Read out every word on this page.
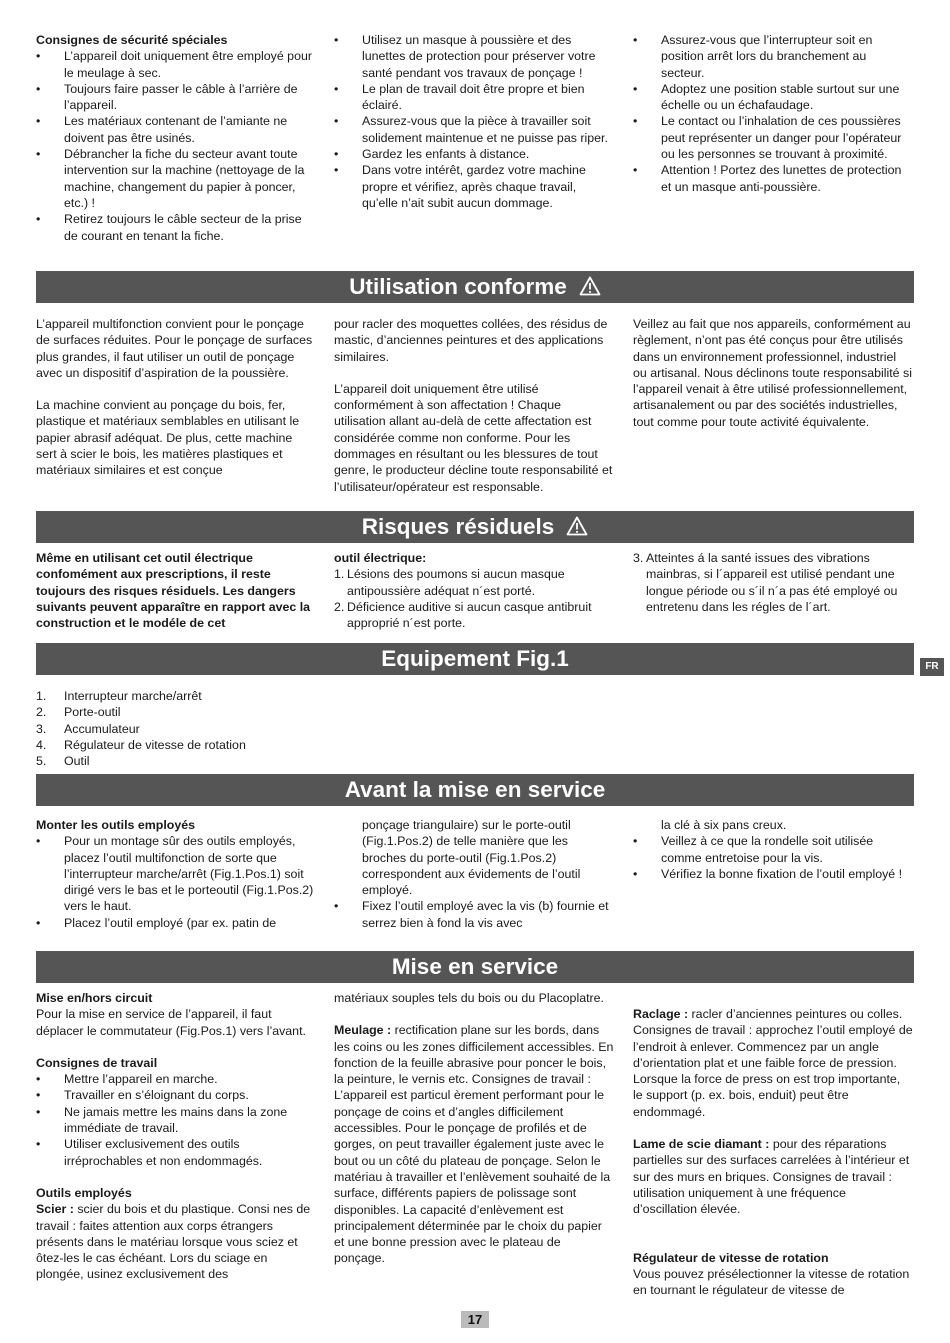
Consignes de sécurité spéciales

• L’appareil doit uniquement être employé pour le meulage à sec.
• Toujours faire passer le câble à l’arrière de l’appareil.
• Les matériaux contenant de l’amiante ne doivent pas être usinés.
• Débrancher la fiche du secteur avant toute intervention sur la machine (nettoyage de la machine, changement du papier à poncer, etc.) !
• Retirez toujours le câble secteur de la prise de courant en tenant la fiche.
• Utilisez un masque à poussière et des lunettes de protection pour préserver votre santé pendant vos travaux de ponçage !
• Le plan de travail doit être propre et bien éclairé.
• Assurez-vous que la pièce à travailler soit solidement maintenue et ne puisse pas riper.
• Gardez les enfants à distance.
• Dans votre intérêt, gardez votre machine propre et vérifiez, après chaque travail, qu’elle n’ait subit aucun dommage.
• Assurez-vous que l’interrupteur soit en position arrêt lors du branchement au secteur.
• Adoptez une position stable surtout sur une échelle ou un échafaudage.
• Le contact ou l’inhalation de ces poussières peut représenter un danger pour l’opérateur ou les personnes se trouvant à proximité.
• Attention ! Portez des lunettes de protection et un masque anti-poussière.
Utilisation conforme

L’appareil multifonction convient pour le ponçage de surfaces réduites. Pour le ponçage de surfaces plus grandes, il faut utiliser un outil de ponçage avec un dispositif d’aspiration de la poussière.

La machine convient au ponçage du bois, fer, plastique et matériaux semblables en utilisant le papier abrasif adéquat. De plus, cette machine sert à scier le bois, les matières plastiques et matériaux similaires et est conçue

pour racler des moquettes collées, des résidus de mastic, d’anciennes peintures et des applications similaires.

L’appareil doit uniquement être utilisé conformément à son affectation ! Chaque utilisation allant au-delà de cette affectation est considérée comme non conforme. Pour les dommages en résultant ou les blessures de tout genre, le producteur décline toute responsabilité et l’utilisateur/opérateur est responsable.

Veillez au fait que nos appareils, conformément au règlement, n’ont pas été conçus pour être utilisés dans un environnement professionnel, industriel ou artisanal. Nous déclinons toute responsabilité si l’appareil venait à être utilisé professionnellement, artisanalement ou par des sociétés industrielles, tout comme pour toute activité équivalente.

Risques résiduels

Même en utilisant cet outil électrique confomément aux prescriptions, il reste toujours des risques résiduels. Les dangers suivants peuvent apparaître en rapport avec la construction et le modéle de cet

outil électrique:

1. Lésions des poumons si aucun masque antipoussière adéquat n´est porté.
2. Déficience auditive si aucun casque antibruit approprié n´est porte.
3. Atteintes á la santé issues des vibrations mainbras, si l´appareil est utilisé pendant une longue période ou s´il n´a pas été employé ou entretenu dans les régles de l´art.
Equipement Fig.1
1. Interrupteur marche/arrêt
2. Porte-outil
3. Accumulateur
4. Régulateur de vitesse de rotation
5. Outil
Avant la mise en service

Monter les outils employés

• Pour un montage sûr des outils employés, placez l’outil multifonction de sorte que l’interrupteur marche/arrêt (Fig.1.Pos.1) soit dirigé vers le bas et le porteoutil (Fig.1.Pos.2) vers le haut.
• Placez l’outil employé (par ex. patin de

ponçage triangulaire) sur le porte-outil (Fig.1.Pos.2) de telle manière que les broches du porte-outil (Fig.1.Pos.2) correspondent aux évidements de l’outil employé.

• Fixez l’outil employé avec la vis (b) fournie et serrez bien à fond la vis avec

la clé à six pans creux.

• Veillez à ce que la rondelle soit utilisée comme entretoise pour la vis.
• Vérifiez la bonne fixation de l’outil employé !
Mise en service

Mise en/hors circuit

Pour la mise en service de l’appareil, il faut déplacer le commutateur (Fig.Pos.1) vers l’avant.

Consignes de travail

• Mettre l’appareil en marche.
• Travailler en s’éloignant du corps.
• Ne jamais mettre les mains dans la zone immédiate de travail.
• Utiliser exclusivement des outils irréprochables et non endommagés.

Outils employés

Scier : scier du bois et du plastique. Consi nes de travail : faites attention aux corps étrangers présents dans le matériau lorsque vous sciez et ôtez-les le cas échéant. Lors du sciage en plongée, usinez exclusivement des

matériaux souples tels du bois ou du Placoplatre.

Meulage : rectification plane sur les bords, dans les coins ou les zones difficilement accessibles. En fonction de la feuille abrasive pour poncer le bois, la peinture, le vernis etc. Consignes de travail : L’appareil est particul èrement performant pour le ponçage de coins et d’angles difficilement accessibles. Pour le ponçage de profilés et de gorges, on peut travailler également juste avec le bout ou un côté du plateau de ponçage. Selon le matériau à travailler et l’enlèvement souhaité de la surface, différents papiers de polissage sont disponibles. La capacité d’enlèvement est principalement déterminée par le choix du papier et une bonne pression avec le plateau de ponçage.

Raclage : racler d’anciennes peintures ou colles. Consignes de travail : approchez l’outil employé de l’endroit à enlever. Commencez par un angle d’orientation plat et une faible force de pression. Lorsque la force de press on est trop importante, le support (p. ex. bois, enduit) peut être endommagé.

Lame de scie diamant : pour des réparations partielles sur des surfaces carrelées à l’intérieur et sur des murs en briques. Consignes de travail : utilisation uniquement à une fréquence d’oscillation élevée.

Régulateur de vitesse de rotation

Vous pouvez présélectionner la vitesse de rotation en tournant le régulateur de vitesse de

FR
17
